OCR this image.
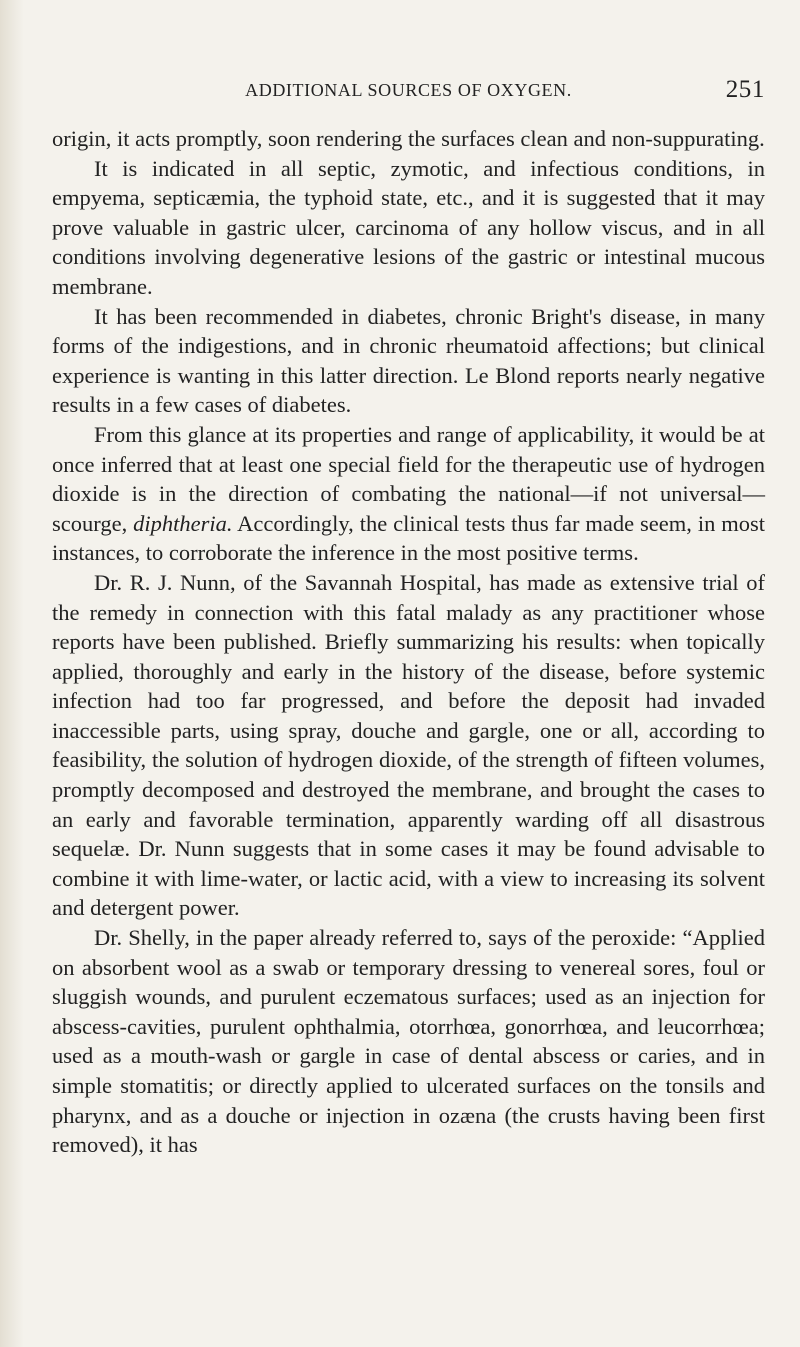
ADDITIONAL SOURCES OF OXYGEN.	251

origin, it acts promptly, soon rendering the surfaces clean and non-suppurating.

It is indicated in all septic, zymotic, and infectious conditions, in empyema, septicæmia, the typhoid state, etc., and it is suggested that it may prove valuable in gastric ulcer, carcinoma of any hollow viscus, and in all conditions involving degenerative lesions of the gastric or intestinal mucous membrane.

It has been recommended in diabetes, chronic Bright's disease, in many forms of the indigestions, and in chronic rheumatoid affections; but clinical experience is wanting in this latter direction. Le Blond reports nearly negative results in a few cases of diabetes.

From this glance at its properties and range of applicability, it would be at once inferred that at least one special field for the therapeutic use of hydrogen dioxide is in the direction of combating the national—if not universal—scourge, diphtheria. Accordingly, the clinical tests thus far made seem, in most instances, to corroborate the inference in the most positive terms.

Dr. R. J. Nunn, of the Savannah Hospital, has made as extensive trial of the remedy in connection with this fatal malady as any practitioner whose reports have been published. Briefly summarizing his results: when topically applied, thoroughly and early in the history of the disease, before systemic infection had too far progressed, and before the deposit had invaded inaccessible parts, using spray, douche and gargle, one or all, according to feasibility, the solution of hydrogen dioxide, of the strength of fifteen volumes, promptly decomposed and destroyed the membrane, and brought the cases to an early and favorable termination, apparently warding off all disastrous sequelæ. Dr. Nunn suggests that in some cases it may be found advisable to combine it with lime-water, or lactic acid, with a view to increasing its solvent and detergent power.

Dr. Shelly, in the paper already referred to, says of the peroxide: “Applied on absorbent wool as a swab or temporary dressing to venereal sores, foul or sluggish wounds, and purulent eczematous surfaces; used as an injection for abscess-cavities, purulent ophthalmia, otorrhœa, gonorrhœa, and leucorrhœa; used as a mouth-wash or gargle in case of dental abscess or caries, and in simple stomatitis; or directly applied to ulcerated surfaces on the tonsils and pharynx, and as a douche or injection in ozæna (the crusts having been first removed), it has
